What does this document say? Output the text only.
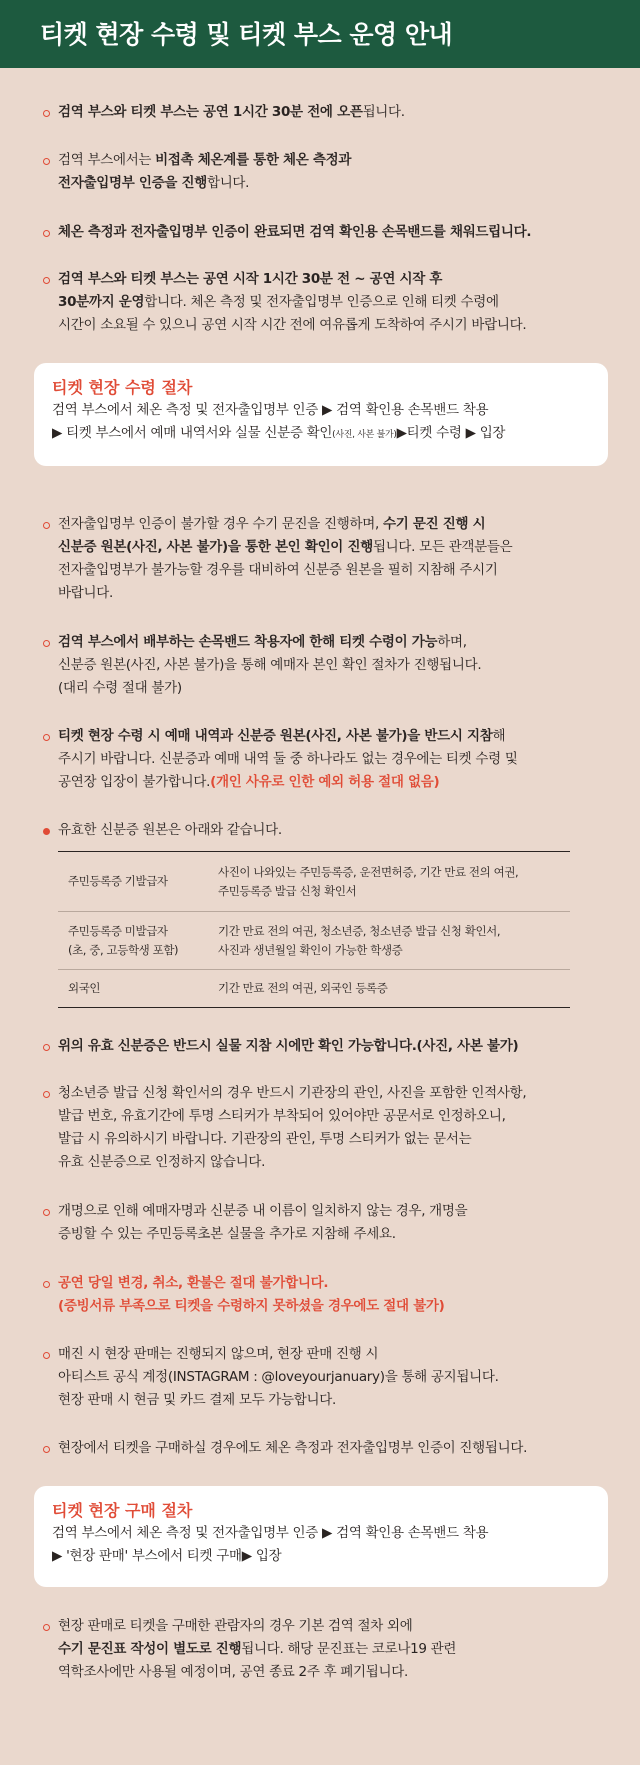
티켓 현장 수령 및 티켓 부스 운영 안내
검역 부스와 티켓 부스는 공연 1시간 30분 전에 오픈됩니다.
검역 부스에서는 비접촉 체온계를 통한 체온 측정과
전자출입명부 인증을 진행합니다.
체온 측정과 전자출입명부 인증이 완료되면 검역 확인용 손목밴드를 채워드립니다.
검역 부스와 티켓 부스는 공연 시작 1시간 30분 전 ~ 공연 시작 후
30분까지 운영합니다. 체온 측정 및 전자출입명부 인증으로 인해 티켓 수령에
시간이 소요될 수 있으니 공연 시작 시간 전에 여유롭게 도착하여 주시기 바랍니다.
티켓 현장 수령 절차
검역 부스에서 체온 측정 및 전자출입명부 인증 ▶ 검역 확인용 손목밴드 착용
▶ 티켓 부스에서 예매 내역서와 실물 신분증 확인(사진, 사본 불가)▶티켓 수령 ▶ 입장
전자출입명부 인증이 불가할 경우 수기 문진을 진행하며, 수기 문진 진행 시
신분증 원본(사진, 사본 불가)을 통한 본인 확인이 진행됩니다. 모든 관객분들은
전자출입명부가 불가능할 경우를 대비하여 신분증 원본을 필히 지참해 주시기
바랍니다.
검역 부스에서 배부하는 손목밴드 착용자에 한해 티켓 수령이 가능하며,
신분증 원본(사진, 사본 불가)을 통해 예매자 본인 확인 절차가 진행됩니다.
(대리 수령 절대 불가)
티켓 현장 수령 시 예매 내역과 신분증 원본(사진, 사본 불가)을 반드시 지참해
주시기 바랍니다. 신분증과 예매 내역 둘 중 하나라도 없는 경우에는 티켓 수령 및
공연장 입장이 불가합니다.(개인 사유로 인한 예외 허용 절대 없음)
유효한 신분증 원본은 아래와 같습니다.
주민등록증 기발급자	사진이 나와있는 주민등록증, 운전면허증, 기간 만료 전의 여권,
주민등록증 발급 신청 확인서
주민등록증 미발급자
(초, 중, 고등학생 포함)	기간 만료 전의 여권, 청소년증, 청소년증 발급 신청 확인서,
사진과 생년월일 확인이 가능한 학생증
외국인	기간 만료 전의 여권, 외국인 등록증
위의 유효 신분증은 반드시 실물 지참 시에만 확인 가능합니다.(사진, 사본 불가)
청소년증 발급 신청 확인서의 경우 반드시 기관장의 관인, 사진을 포함한 인적사항,
발급 번호, 유효기간에 투명 스티커가 부착되어 있어야만 공문서로 인정하오니,
발급 시 유의하시기 바랍니다. 기관장의 관인, 투명 스티커가 없는 문서는
유효 신분증으로 인정하지 않습니다.
개명으로 인해 예매자명과 신분증 내 이름이 일치하지 않는 경우, 개명을
증빙할 수 있는 주민등록초본 실물을 추가로 지참해 주세요.
공연 당일 변경, 취소, 환불은 절대 불가합니다.
(증빙서류 부족으로 티켓을 수령하지 못하셨을 경우에도 절대 불가)
매진 시 현장 판매는 진행되지 않으며, 현장 판매 진행 시
아티스트 공식 계정(INSTAGRAM : @loveyourjanuary)을 통해 공지됩니다.
현장 판매 시 현금 및 카드 결제 모두 가능합니다.
현장에서 티켓을 구매하실 경우에도 체온 측정과 전자출입명부 인증이 진행됩니다.
티켓 현장 구매 절차
검역 부스에서 체온 측정 및 전자출입명부 인증 ▶ 검역 확인용 손목밴드 착용
▶ '현장 판매' 부스에서 티켓 구매▶ 입장
현장 판매로 티켓을 구매한 관람자의 경우 기본 검역 절차 외에
수기 문진표 작성이 별도로 진행됩니다. 해당 문진표는 코로나19 관련
역학조사에만 사용될 예정이며, 공연 종료 2주 후 폐기됩니다.
